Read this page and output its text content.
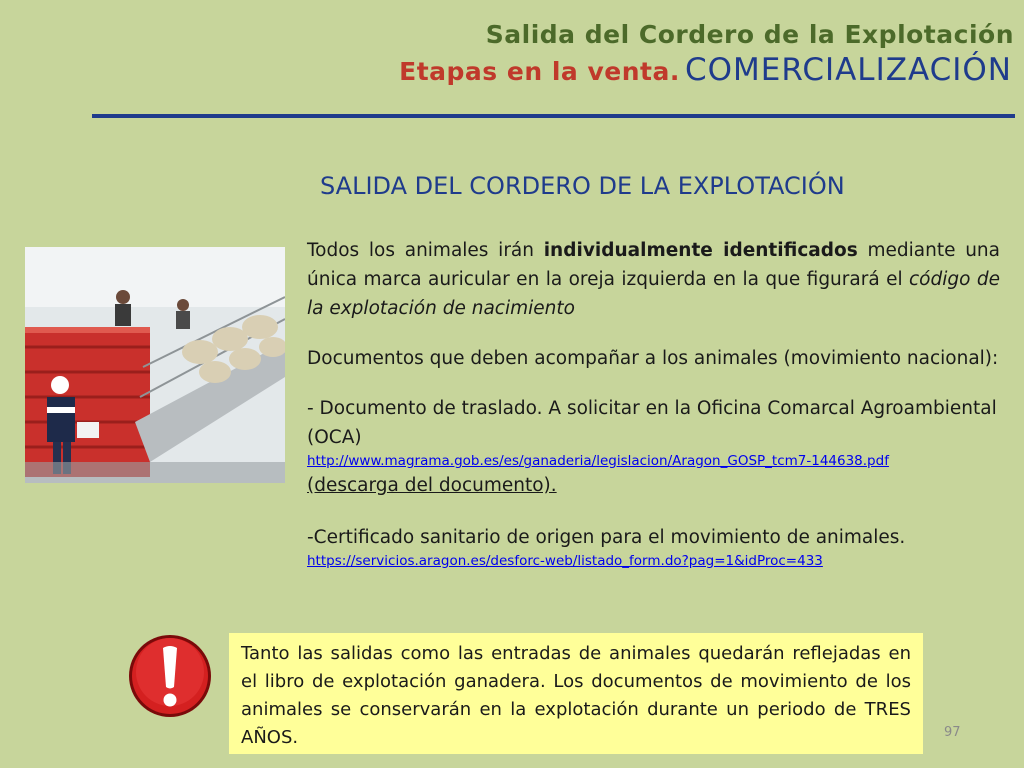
Salida del Cordero de la Explotación
Etapas en la venta. COMERCIALIZACIÓN
SALIDA DEL CORDERO DE LA EXPLOTACIÓN

Todos los animales irán individualmente identificados mediante una única marca auricular en la oreja izquierda en la que figurará el código de la explotación de nacimiento

Documentos que deben acompañar a los animales (movimiento nacional):

- Documento de traslado. A solicitar en la Oficina Comarcal Agroambiental (OCA)

http://www.magrama.gob.es/es/ganaderia/legislacion/Aragon_GOSP_tcm7-144638.pdf

(descarga del documento).

-Certificado sanitario de origen para el movimiento de animales.

https://servicios.aragon.es/desforc-web/listado_form.do?pag=1&idProc=433
Tanto las salidas como las entradas de animales quedarán reflejadas en el libro de explotación ganadera. Los documentos de movimiento de los animales se conservarán en la explotación durante un periodo de TRES AÑOS.	97
